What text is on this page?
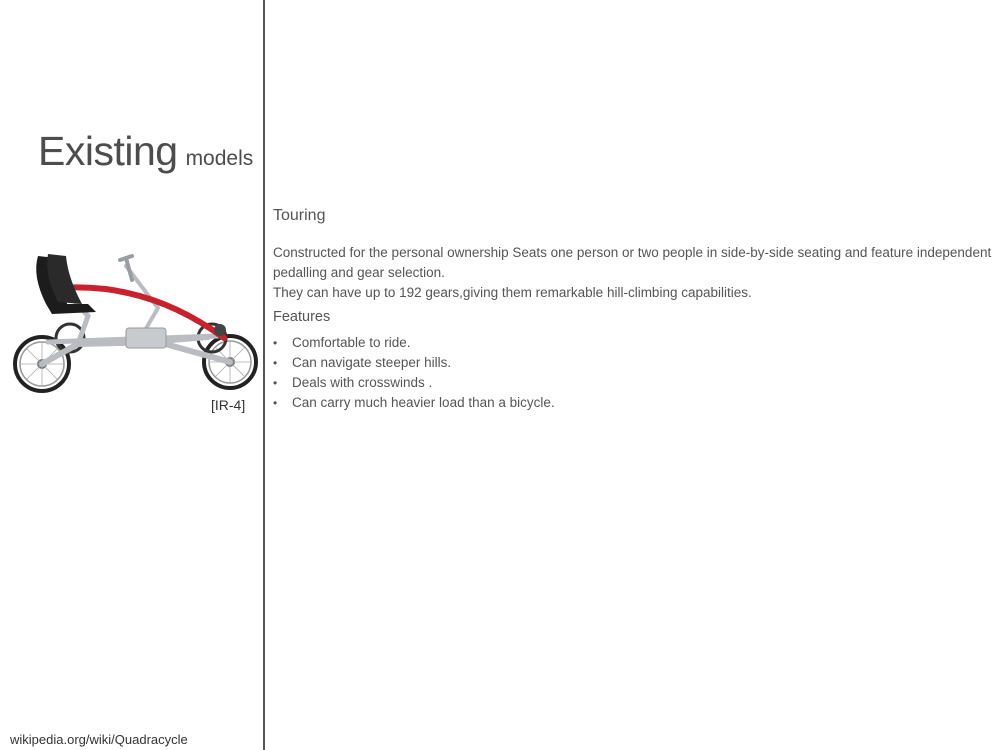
Existing models
[IR-4]
wikipedia.org/wiki/Quadracycle
Touring

Constructed for the personal ownership Seats one person or two people in side-by-side seating and feature independent pedalling and gear selection.

They can have up to 192 gears,giving them remarkable hill-climbing capabilities.

Features
• Comfortable to ride.
• Can navigate steeper hills.
• Deals with crosswinds .
• Can carry much heavier load than a bicycle.
